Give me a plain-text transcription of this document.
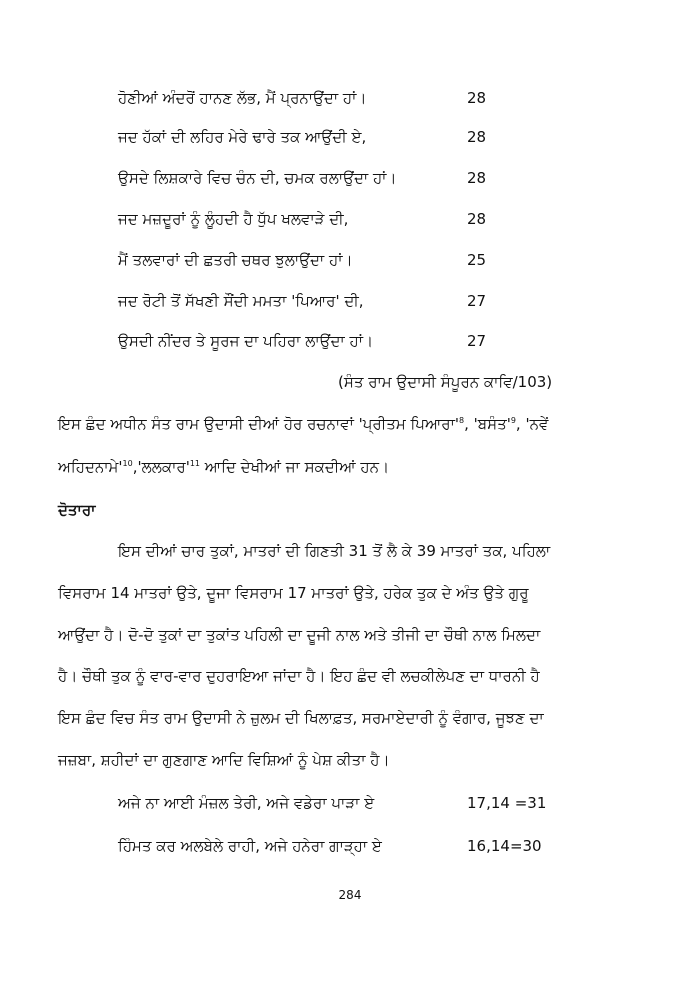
ਹੋਣੀਆਂ ਅੰਦਰੋਂ ਹਾਨਣ ਲੱਭ, ਮੈਂ ਪ੍ਰਨਾਉਂਦਾ ਹਾਂ।	28
ਜਦ ਹੱਕਾਂ ਦੀ ਲਹਿਰ ਮੇਰੇ ਢਾਰੇ ਤਕ ਆਉਂਦੀ ਏ,	28
ਉਸਦੇ ਲਿਸ਼ਕਾਰੇ ਵਿਚ ਚੰਨ ਦੀ, ਚਮਕ ਰਲਾਉਂਦਾ ਹਾਂ।	28
ਜਦ ਮਜ਼ਦੂਰਾਂ ਨੂੰ ਲੂੰਹਦੀ ਹੈ ਧੁੱਪ ਖਲਵਾੜੇ ਦੀ,	28
ਮੈਂ ਤਲਵਾਰਾਂ ਦੀ ਛਤਰੀ ਚਥਰ ਝੁਲਾਉਂਦਾ ਹਾਂ।	25
ਜਦ ਰੋਟੀ ਤੋਂ ਸੱਖਣੀ ਸੌਂਦੀ ਮਮਤਾ 'ਪਿਆਰ' ਦੀ,	27
ਉਸਦੀ ਨੀਂਦਰ ਤੇ ਸੂਰਜ ਦਾ ਪਹਿਰਾ ਲਾਉਂਦਾ ਹਾਂ।	27
(ਸੰਤ ਰਾਮ ਉਦਾਸੀ ਸੰਪੂਰਨ ਕਾਵਿ/103)
ਇਸ ਛੰਦ ਅਧੀਨ ਸੰਤ ਰਾਮ ਉਦਾਸੀ ਦੀਆਂ ਹੋਰ ਰਚਨਾਵਾਂ 'ਪ੍ਰੀਤਮ $ਪਿਆਰਾ'^8$, '$ਬਸੰਤ'^9$, 'ਨਵੇਂ
$ਅਹਿਦਨਾਮੇ'^{10},'ਲਲਕਾਰ'^{11}$ ਆਦਿ ਦੇਖੀਆਂ ਜਾ ਸਕਦੀਆਂ ਹਨ।
ਦੋਤਾਰਾ
ਇਸ ਦੀਆਂ ਚਾਰ ਤੁਕਾਂ, ਮਾਤਰਾਂ ਦੀ ਗਿਣਤੀ 31 ਤੋਂ ਲੈ ਕੇ 39 ਮਾਤਰਾਂ ਤਕ, ਪਹਿਲਾ
ਵਿਸਰਾਮ 14 ਮਾਤਰਾਂ ਉਤੇ, ਦੂਜਾ ਵਿਸਰਾਮ 17 ਮਾਤਰਾਂ ਉਤੇ, ਹਰੇਕ ਤੁਕ ਦੇ ਅੰਤ ਉਤੇ ਗੁਰੂ
ਆਉਂਦਾ ਹੈ। ਦੋ-ਦੋ ਤੁਕਾਂ ਦਾ ਤੁਕਾਂਤ ਪਹਿਲੀ ਦਾ ਦੂਜੀ ਨਾਲ ਅਤੇ ਤੀਜੀ ਦਾ ਚੌਥੀ ਨਾਲ ਮਿਲਦਾ
ਹੈ। ਚੌਥੀ ਤੁਕ ਨੂੰ ਵਾਰ-ਵਾਰ ਦੁਹਰਾਇਆ ਜਾਂਦਾ ਹੈ। ਇਹ ਛੰਦ ਵੀ ਲਚਕੀਲੇਪਣ ਦਾ ਧਾਰਨੀ ਹੈ
ਇਸ ਛੰਦ ਵਿਚ ਸੰਤ ਰਾਮ ਉਦਾਸੀ ਨੇ ਜ਼ੁਲਮ ਦੀ ਖਿਲਾਫ਼ਤ, ਸਰਮਾਏਦਾਰੀ ਨੂੰ ਵੰਗਾਰ, ਜੂਝਣ ਦਾ
ਜਜ਼ਬਾ, ਸ਼ਹੀਦਾਂ ਦਾ ਗੁਣਗਾਣ ਆਦਿ ਵਿਸ਼ਿਆਂ ਨੂੰ ਪੇਸ਼ ਕੀਤਾ ਹੈ।
ਅਜੇ ਨਾ ਆਈ ਮੰਜ਼ਲ ਤੇਰੀ, ਅਜੇ ਵਡੇਰਾ ਪਾੜਾ ਏ	17,14 =31
ਹਿੰਮਤ ਕਰ ਅਲਬੇਲੇ ਰਾਹੀ, ਅਜੇ ਹਨੇਰਾ ਗਾੜ੍ਹਾ ਏ	16,14=30
284
